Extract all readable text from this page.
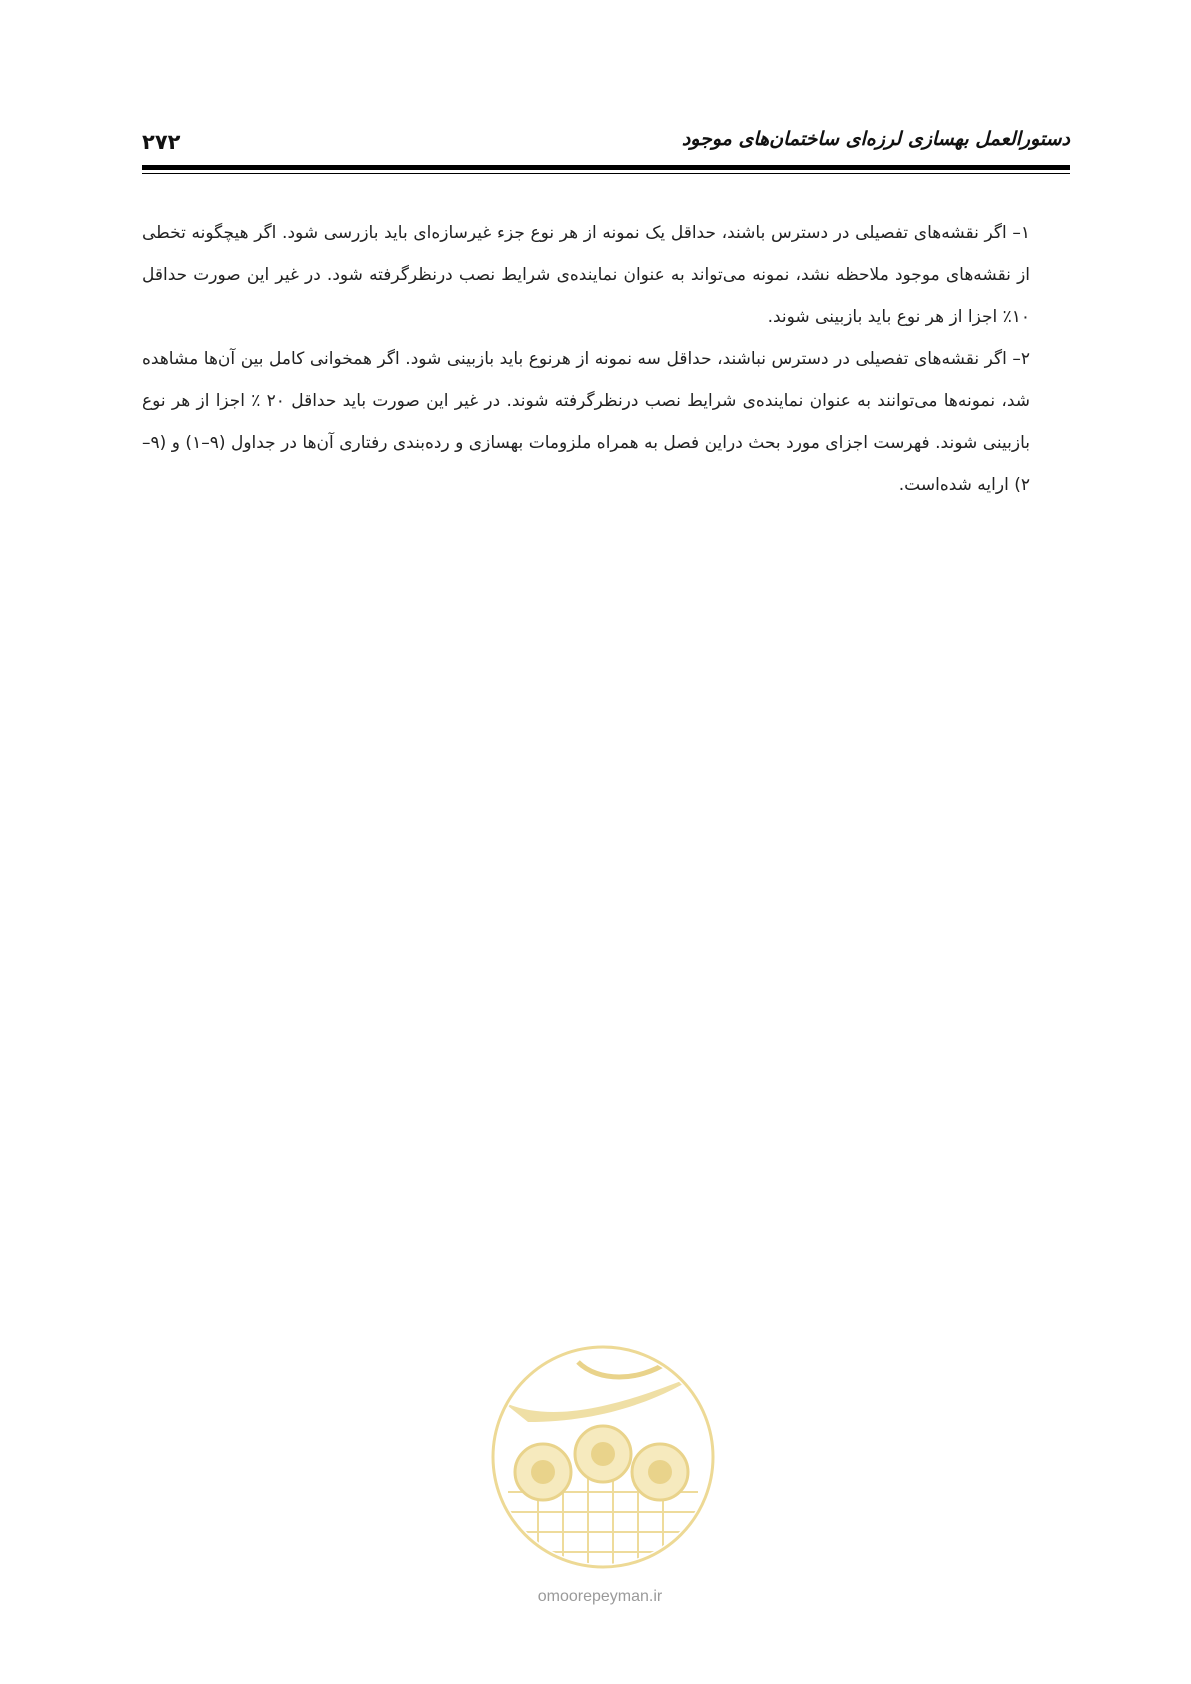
۲۷۲	دستورالعمل بهسازی لرزه‌ای ساختمان‌های موجود

۱– اگر نقشه‌های تفصیلی در دسترس باشند، حداقل یک نمونه از هر نوع جزء غیرسازه‌ای باید بازرسی شود. اگر هیچگونه تخطی از نقشه‌های موجود ملاحظه نشد، نمونه می‌تواند به عنوان نماینده‌ی شرایط نصب درنظرگرفته شود. در غیر این صورت حداقل ۱۰٪ اجزا از هر نوع باید بازبینی شوند.

۲– اگر نقشه‌های تفصیلی در دسترس نباشند، حداقل سه نمونه از هرنوع باید بازبینی شود. اگر همخوانی کامل بین آن‌ها مشاهده شد، نمونه‌ها می‌توانند به عنوان نماینده‌ی شرایط نصب درنظرگرفته شوند. در غیر این صورت باید حداقل ۲۰ ٪ اجزا از هر نوع بازبینی شوند. فهرست اجزای مورد بحث دراین فصل به همراه ملزومات بهسازی و رده‌بندی رفتاری آن‌ها در جداول (۹–۱) و (۹–۲) ارایه شده‌است.

omoorepeyman.ir
